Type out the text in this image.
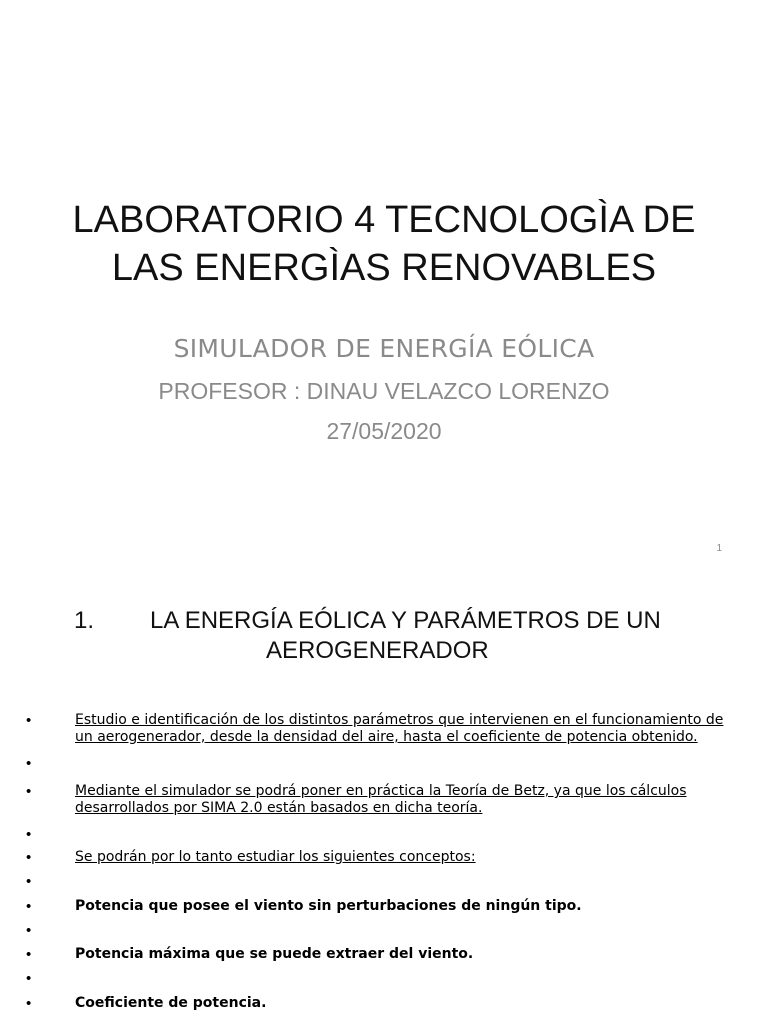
LABORATORIO 4 TECNOLOGÌA DE
LAS ENERGÌAS RENOVABLES
SIMULADOR DE ENERGÍA EÓLICA
PROFESOR : DINAU VELAZCO LORENZO
27/05/2020
1
1. LA ENERGÍA EÓLICA Y PARÁMETROS DE UN
AEROGENERADOR
•	Estudio e identificación de los distintos parámetros que intervienen en el funcionamiento de un aerogenerador, desde la densidad del aire, hasta el coeficiente de potencia obtenido.
•
•	Mediante el simulador se podrá poner en práctica la Teoría de Betz, ya que los cálculos desarrollados por SIMA 2.0 están basados en dicha teoría.
•
•	Se podrán por lo tanto estudiar los siguientes conceptos:
•
•	Potencia que posee el viento sin perturbaciones de ningún tipo.
•
•	Potencia máxima que se puede extraer del viento.
•
•	Coeficiente de potencia.
